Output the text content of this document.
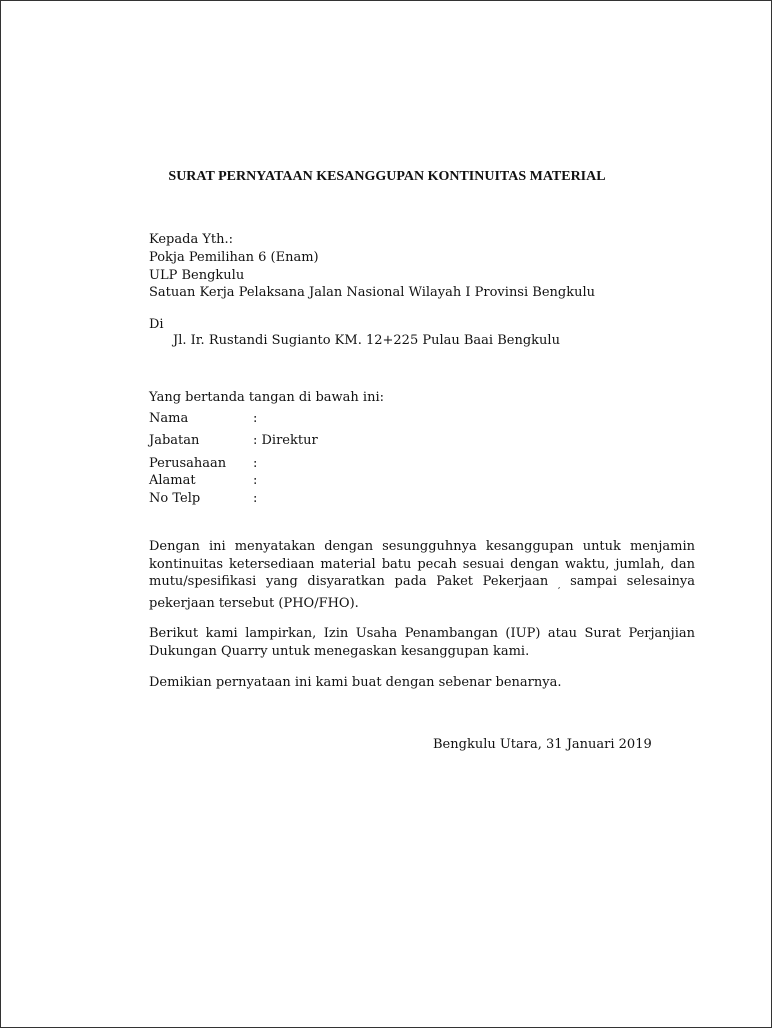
SURAT PERNYATAAN KESANGGUPAN KONTINUITAS MATERIAL
Kepada Yth.:
Pokja Pemilihan 6 (Enam)
ULP Bengkulu
Satuan Kerja Pelaksana Jalan Nasional Wilayah I Provinsi Bengkulu
Di
Jl. Ir. Rustandi Sugianto KM. 12+225 Pulau Baai Bengkulu
Yang bertanda tangan di bawah ini:
Nama	:
Jabatan	: Direktur
Perusahaan :
Alamat	:
No Telp	:
Dengan ini menyatakan dengan sesungguhnya kesanggupan untuk menjamin kontinuitas ketersediaan material batu pecah sesuai dengan waktu, jumlah, dan mutu/spesifikasi yang disyaratkan pada Paket Pekerjaan $_,$ sampai selesainya pekerjaan tersebut (PHO/FHO).
Berikut kami lampirkan, Izin Usaha Penambangan (IUP) atau Surat Perjanjian Dukungan Quarry untuk menegaskan kesanggupan kami.
Demikian pernyataan ini kami buat dengan sebenar benarnya.
Bengkulu Utara, 31 Januari 2019
